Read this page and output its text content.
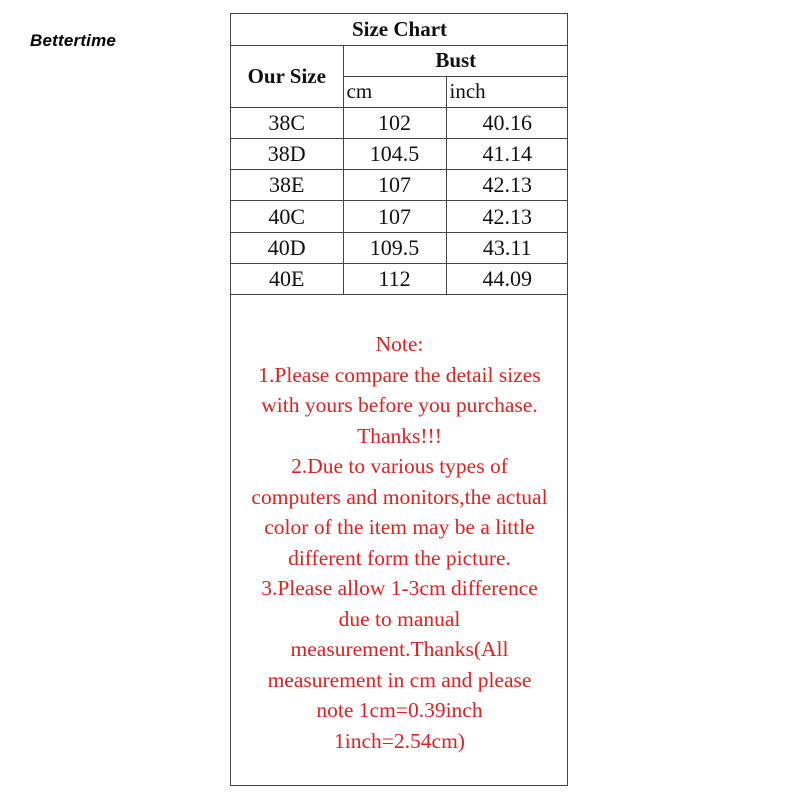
Bettertime	Size Chart		
Our Size	Bust	
	cm	inch
38C	102	40.16
38D	104.5	41.14
38E	107	42.13
40C	107	42.13
40D	109.5	43.11
40E	112	44.09
Note:
1.Please compare the detail sizes
with yours before you purchase.
Thanks!!!
2.Due to various types of
computers and monitors,the actual
color of the item may be a little
different form the picture.
3.Please allow 1-3cm difference
due to manual
measurement.Thanks(All
measurement in cm and please
note 1cm=0.39inch
1inch=2.54cm)
